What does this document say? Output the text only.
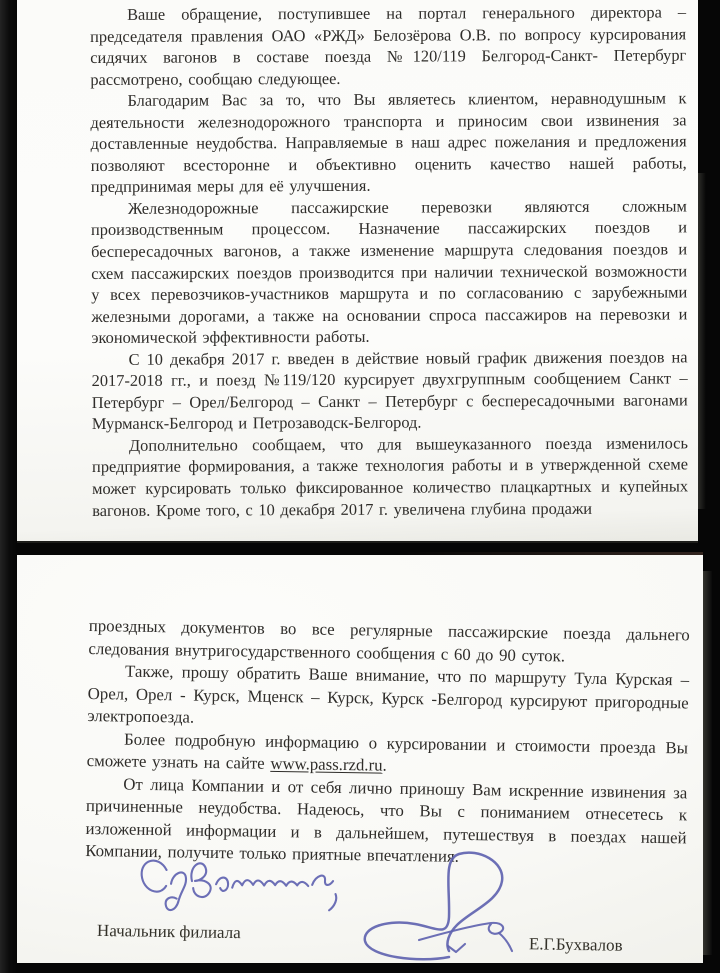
Ваше обращение, поступившее на портал генерального директора – председателя правления ОАО «РЖД» Белозёрова О.В. по вопросу курсирования сидячих вагонов в составе поезда №120/119 Белгород-Санкт- Петербург рассмотрено, сообщаю следующее.

Благодарим Вас за то, что Вы являетесь клиентом, неравнодушным к деятельности железнодорожного транспорта и приносим свои извинения за доставленные неудобства. Направляемые в наш адрес пожелания и предложения позволяют всесторонне и объективно оценить качество нашей работы, предпринимая меры для её улучшения.

Железнодорожные пассажирские перевозки являются сложным производственным процессом. Назначение пассажирских поездов и беспересадочных вагонов, а также изменение маршрута следования поездов и схем пассажирских поездов производится при наличии технической возможности у всех перевозчиков-участников маршрута и по согласованию с зарубежными железными дорогами, а также на основании спроса пассажиров на перевозки и экономической эффективности работы.

С 10 декабря 2017 г. введен в действие новый график движения поездов на 2017-2018 гг., и поезд №119/120 курсирует двухгруппным сообщением Санкт – Петербург – Орел/Белгород – Санкт – Петербург с беспересадочными вагонами Мурманск-Белгород и Петрозаводск-Белгород.

Дополнительно сообщаем, что для вышеуказанного поезда изменилось предприятие формирования, а также технология работы и в утвержденной схеме может курсировать только фиксированное количество плацкартных и купейных вагонов. Кроме того, с 10 декабря 2017 г. увеличена глубина продажи

проездных документов во все регулярные пассажирские поезда дальнего следования внутригосударственного сообщения с 60 до 90 суток.

Также, прошу обратить Ваше внимание, что по маршруту Тула Курская – Орел, Орел - Курск, Мценск – Курск, Курск -Белгород курсируют пригородные электропоезда.

Более подробную информацию о курсировании и стоимости проезда Вы сможете узнать на сайте www.pass.rzd.ru.

От лица Компании и от себя лично приношу Вам искренние извинения за причиненные неудобства. Надеюсь, что Вы с пониманием отнесетесь к изложенной информации и в дальнейшем, путешествуя в поездах нашей Компании, получите только приятные впечатления.

Начальник филиала
Е.Г.Бухвалов
